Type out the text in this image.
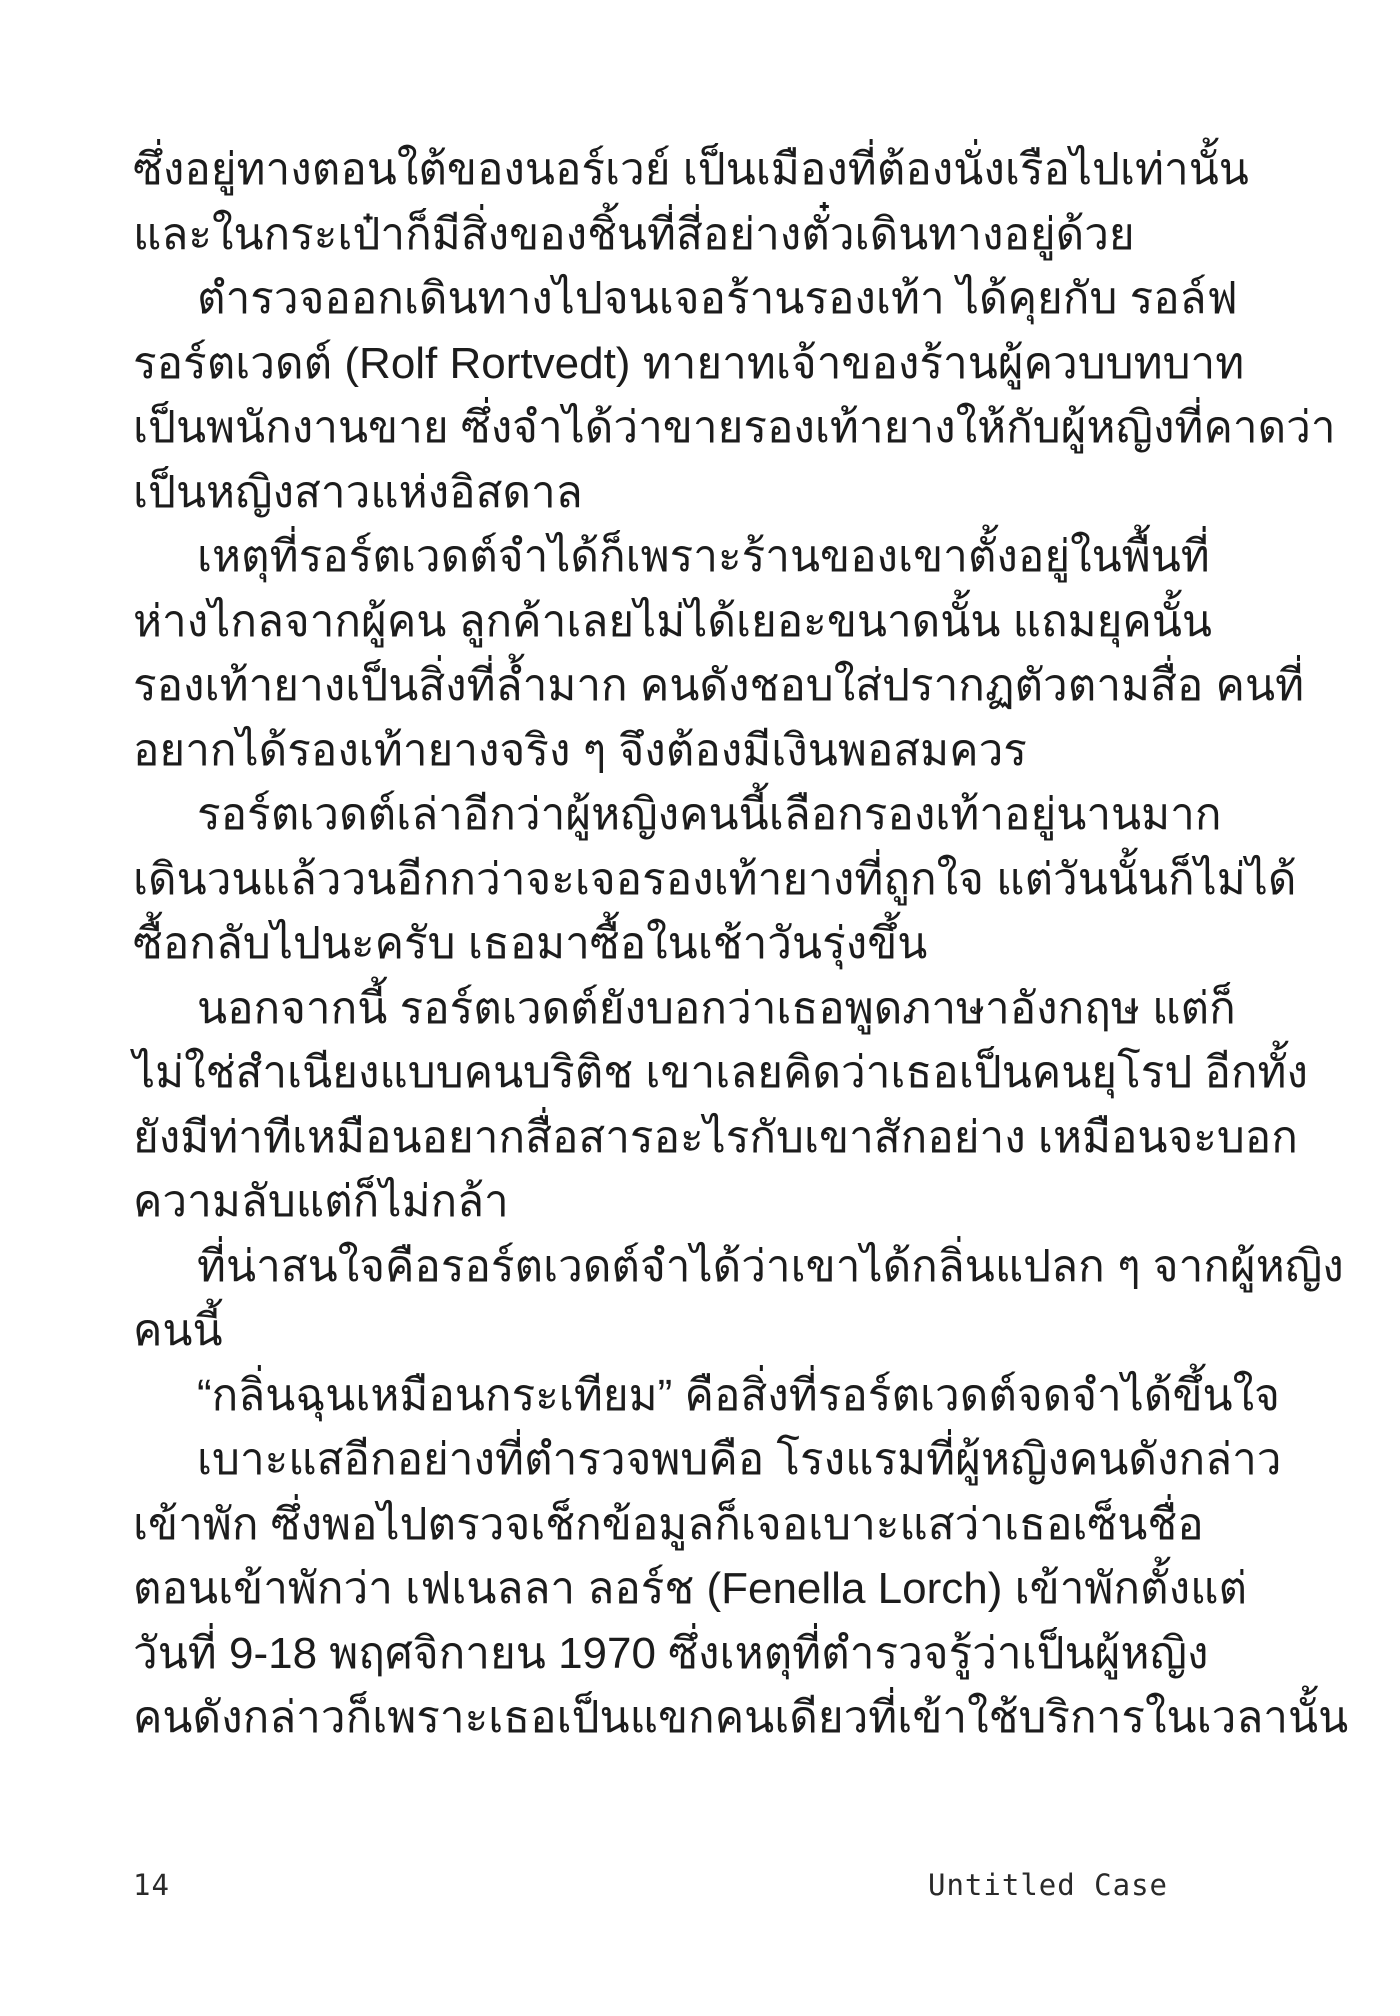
ซึ่งอยู่ทางตอนใต้ของนอร์เวย์ เป็นเมืองที่ต้องนั่งเรือไปเท่านั้น
และในกระเป๋าก็มีสิ่งของชิ้นที่สี่อย่างตั๋วเดินทางอยู่ด้วย
ตำรวจออกเดินทางไปจนเจอร้านรองเท้า ได้คุยกับ รอล์ฟ
รอร์ตเวดต์ (Rolf Rortvedt) ทายาทเจ้าของร้านผู้ควบบทบาท
เป็นพนักงานขาย ซึ่งจำได้ว่าขายรองเท้ายางให้กับผู้หญิงที่คาดว่า
เป็นหญิงสาวแห่งอิสดาล
เหตุที่รอร์ตเวดต์จำได้ก็เพราะร้านของเขาตั้งอยู่ในพื้นที่
ห่างไกลจากผู้คน ลูกค้าเลยไม่ได้เยอะขนาดนั้น แถมยุคนั้น
รองเท้ายางเป็นสิ่งที่ล้ำมาก คนดังชอบใส่ปรากฏตัวตามสื่อ คนที่
อยากได้รองเท้ายางจริง ๆ จึงต้องมีเงินพอสมควร
รอร์ตเวดต์เล่าอีกว่าผู้หญิงคนนี้เลือกรองเท้าอยู่นานมาก
เดินวนแล้ววนอีกกว่าจะเจอรองเท้ายางที่ถูกใจ แต่วันนั้นก็ไม่ได้
ซื้อกลับไปนะครับ เธอมาซื้อในเช้าวันรุ่งขึ้น
นอกจากนี้ รอร์ตเวดต์ยังบอกว่าเธอพูดภาษาอังกฤษ แต่ก็
ไม่ใช่สำเนียงแบบคนบริติช เขาเลยคิดว่าเธอเป็นคนยุโรป อีกทั้ง
ยังมีท่าทีเหมือนอยากสื่อสารอะไรกับเขาสักอย่าง เหมือนจะบอก
ความลับแต่ก็ไม่กล้า
ที่น่าสนใจคือรอร์ตเวดต์จำได้ว่าเขาได้กลิ่นแปลก ๆ จากผู้หญิง
คนนี้
“กลิ่นฉุนเหมือนกระเทียม” คือสิ่งที่รอร์ตเวดต์จดจำได้ขึ้นใจ
เบาะแสอีกอย่างที่ตำรวจพบคือ โรงแรมที่ผู้หญิงคนดังกล่าว
เข้าพัก ซึ่งพอไปตรวจเช็กข้อมูลก็เจอเบาะแสว่าเธอเซ็นชื่อ
ตอนเข้าพักว่า เฟเนลลา ลอร์ช (Fenella Lorch) เข้าพักตั้งแต่
วันที่ 9-18 พฤศจิกายน 1970 ซึ่งเหตุที่ตำรวจรู้ว่าเป็นผู้หญิง
คนดังกล่าวก็เพราะเธอเป็นแขกคนเดียวที่เข้าใช้บริการในเวลานั้น
14	Untitled Case
